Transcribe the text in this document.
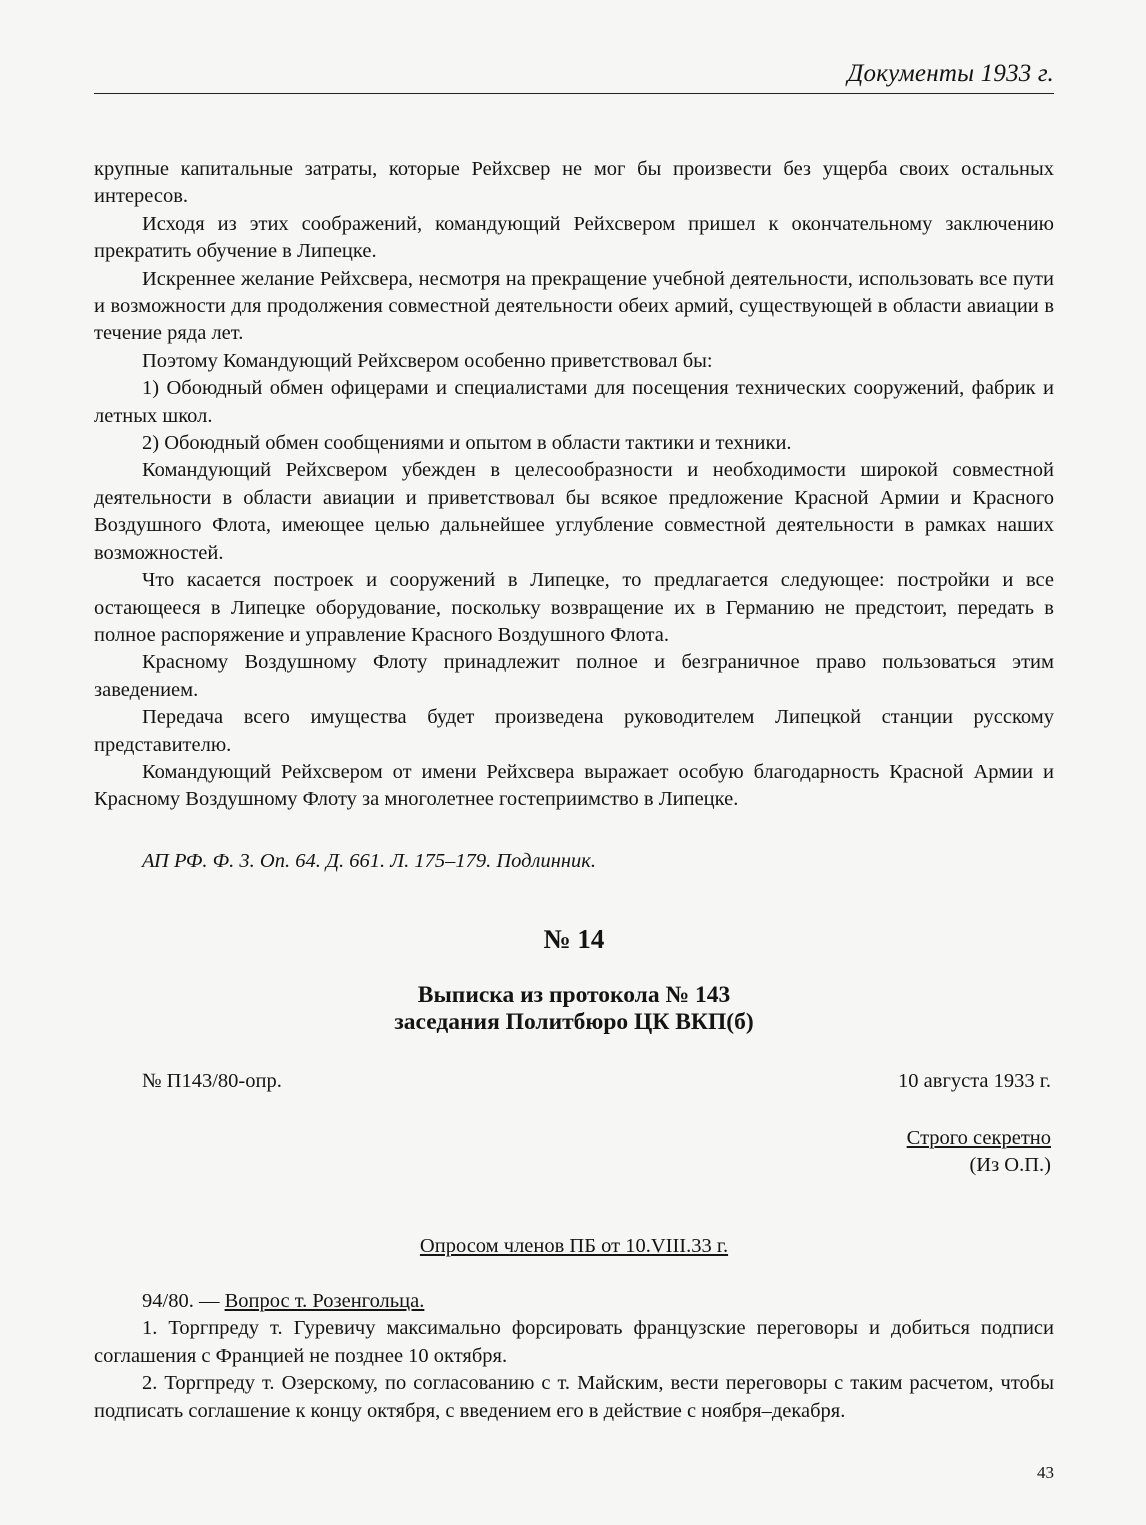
Документы 1933 г.

крупные капитальные затраты, которые Рейхсвер не мог бы произвести без ущерба своих остальных интересов.

Исходя из этих соображений, командующий Рейхсвером пришел к окончательному заключению прекратить обучение в Липецке.

Искреннее желание Рейхсвера, несмотря на прекращение учебной деятельности, использовать все пути и возможности для продолжения совместной деятельности обеих армий, существующей в области авиации в течение ряда лет.

Поэтому Командующий Рейхсвером особенно приветствовал бы:

1) Обоюдный обмен офицерами и специалистами для посещения технических сооружений, фабрик и летных школ.

2) Обоюдный обмен сообщениями и опытом в области тактики и техники.

Командующий Рейхсвером убежден в целесообразности и необходимости широкой совместной деятельности в области авиации и приветствовал бы всякое предложение Красной Армии и Красного Воздушного Флота, имеющее целью дальнейшее углубление совместной деятельности в рамках наших возможностей.

Что касается построек и сооружений в Липецке, то предлагается следующее: постройки и все остающееся в Липецке оборудование, поскольку возвращение их в Германию не предстоит, передать в полное распоряжение и управление Красного Воздушного Флота.

Красному Воздушному Флоту принадлежит полное и безграничное право пользоваться этим заведением.

Передача всего имущества будет произведена руководителем Липецкой станции русскому представителю.

Командующий Рейхсвером от имени Рейхсвера выражает особую благодарность Красной Армии и Красному Воздушному Флоту за многолетнее гостеприимство в Липецке.

АП РФ. Ф. 3. Оп. 64. Д. 661. Л. 175–179. Подлинник.
№ 14
Выписка из протокола № 143
заседания Политбюро ЦК ВКП(б)
№ П143/80-опр.	10 августа 1933 г.
Строго секретно
(Из О.П.)
Опросом членов ПБ от 10.VIII.33 г.

94/80. — Вопрос т. Розенгольца.

1. Торгпреду т. Гуревичу максимально форсировать французские переговоры и добиться подписи соглашения с Францией не позднее 10 октября.

2. Торгпреду т. Озерскому, по согласованию с т. Майским, вести переговоры с таким расчетом, чтобы подписать соглашение к концу октября, с введением его в действие с ноября–декабря.

43
